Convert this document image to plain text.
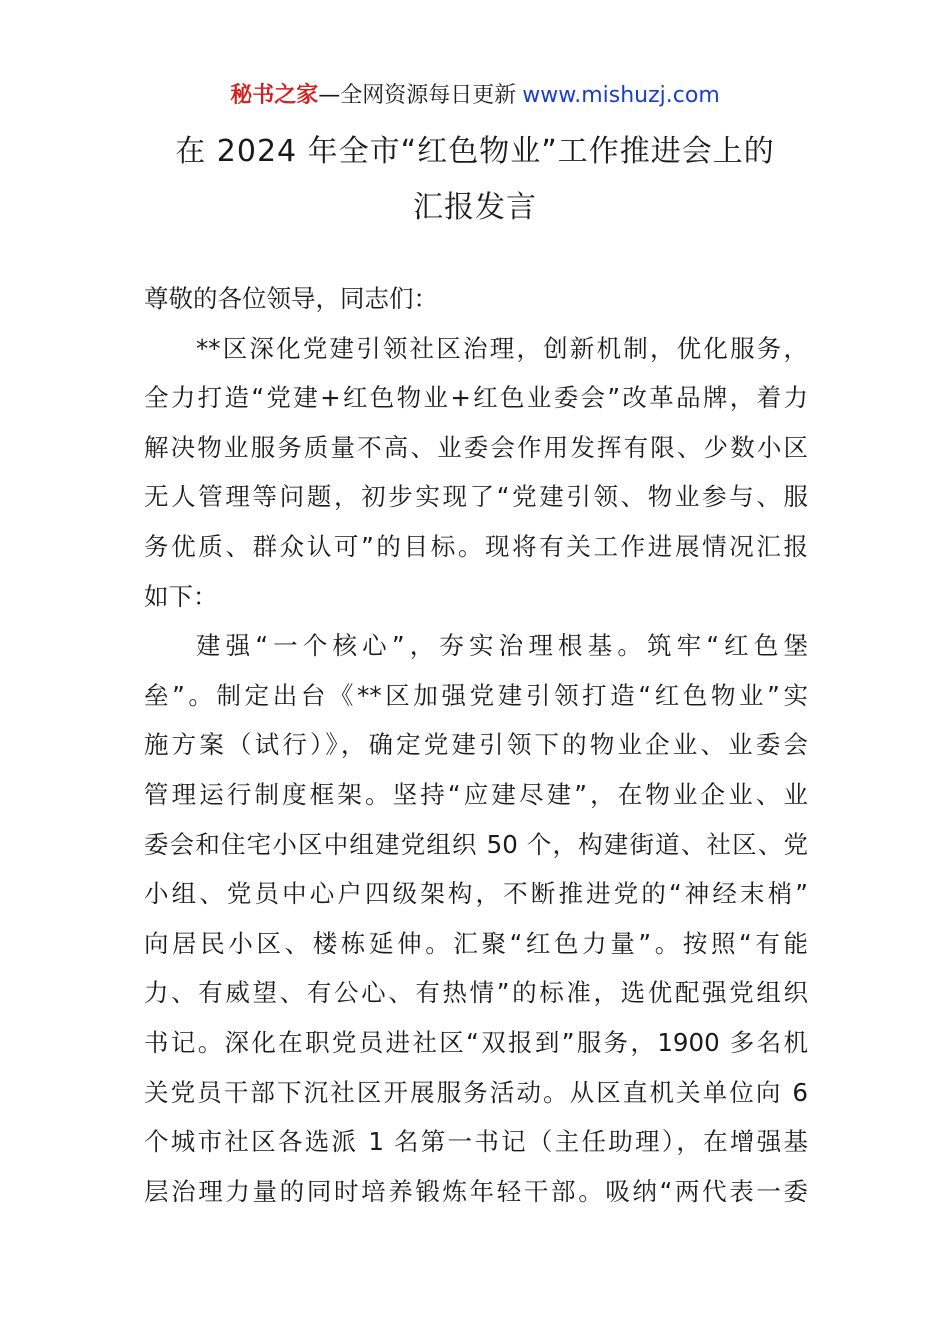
秘书之家—全网资源每日更新 www.mishuzj.com
在 2024 年全市“红色物业”工作推进会上的
汇报发言
尊敬的各位领导，同志们：

**区深化党建引领社区治理，创新机制，优化服务，
全力打造“党建+红色物业+红色业委会”改革品牌，着力
解决物业服务质量不高、业委会作用发挥有限、少数小区
无人管理等问题，初步实现了“党建引领、物业参与、服
务优质、群众认可”的目标。现将有关工作进展情况汇报
如下：

建强“一个核心”，夯实治理根基。筑牢“红色堡
垒”。制定出台《**区加强党建引领打造“红色物业”实
施方案（试行）》，确定党建引领下的物业企业、业委会
管理运行制度框架。坚持“应建尽建”，在物业企业、业
委会和住宅小区中组建党组织 50 个，构建街道、社区、党
小组、党员中心户四级架构，不断推进党的“神经末梢”
向居民小区、楼栋延伸。汇聚“红色力量”。按照“有能
力、有威望、有公心、有热情”的标准，选优配强党组织
书记。深化在职党员进社区“双报到”服务，1900 多名机
关党员干部下沉社区开展服务活动。从区直机关单位向 6
个城市社区各选派 1 名第一书记（主任助理），在增强基
层治理力量的同时培养锻炼年轻干部。吸纳“两代表一委
